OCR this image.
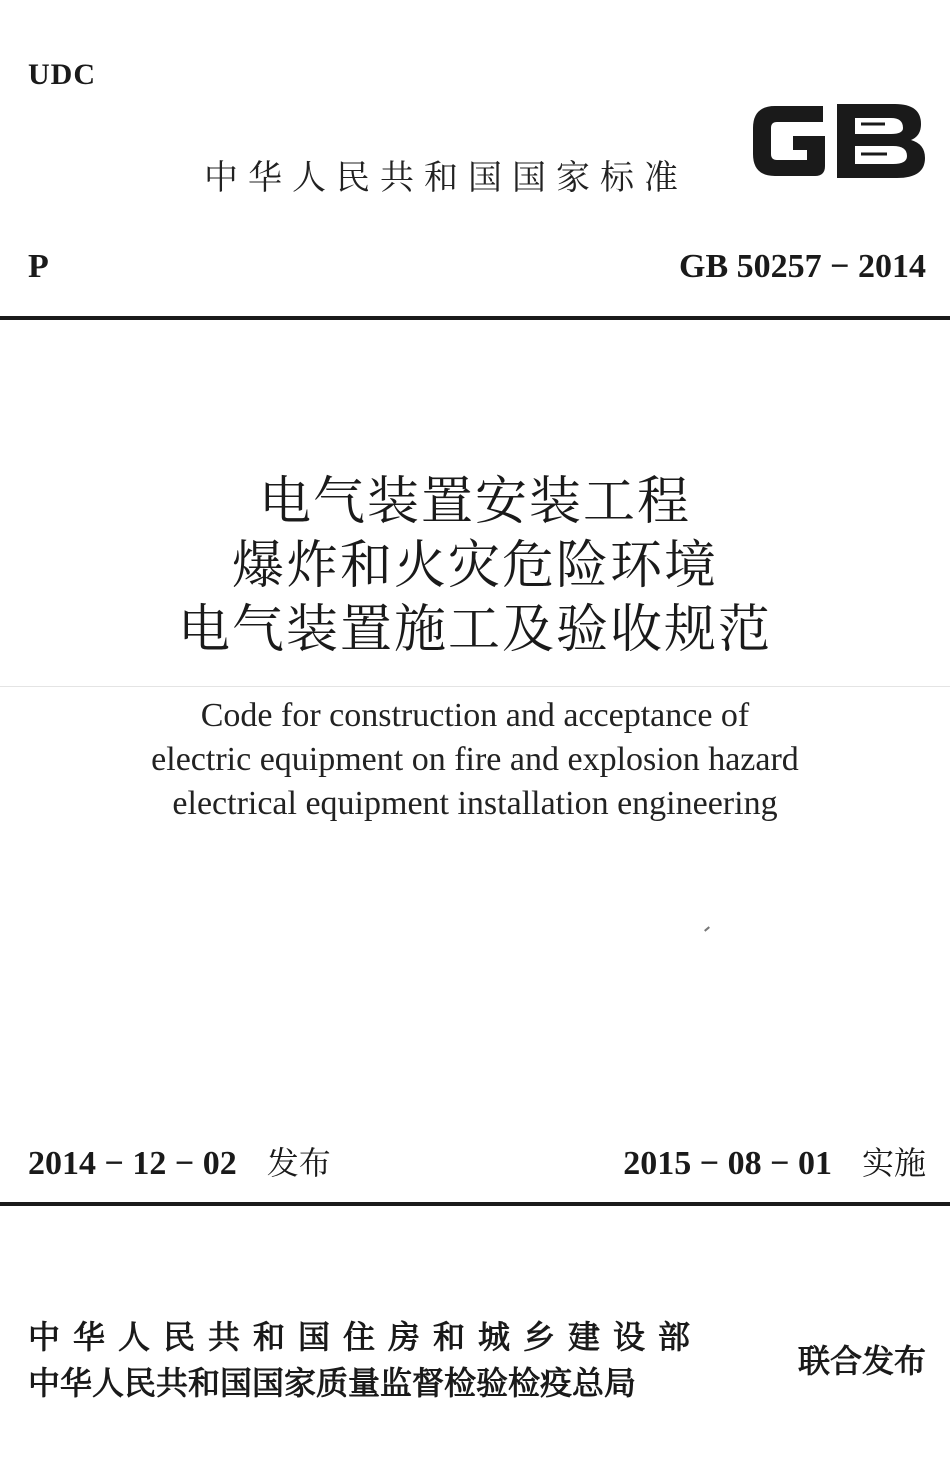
UDC
中华人民共和国国家标准
P	GB 50257 − 2014
电气装置安装工程
爆炸和火灾危险环境
电气装置施工及验收规范
Code for construction and acceptance of
electric equipment on fire and explosion hazard
electrical equipment installation engineering
2014 − 12 − 02 发布	2015 − 08 − 01 实施
中华人民共和国住房和城乡建设部
中华人民共和国国家质量监督检验检疫总局
联合发布
